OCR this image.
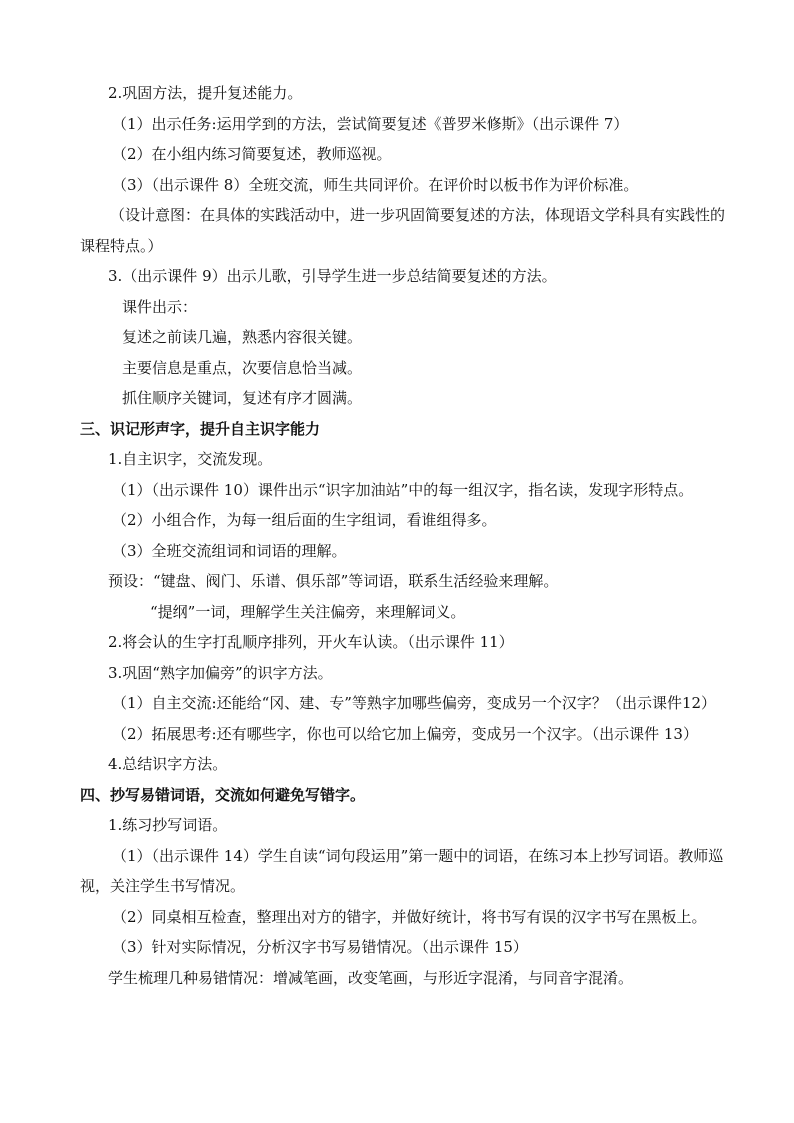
2.巩固方法，提升复述能力。

（1）出示任务:运用学到的方法，尝试简要复述《普罗米修斯》（出示课件 7）

（2）在小组内练习简要复述，教师巡视。

（3）（出示课件 8）全班交流，师生共同评价。在评价时以板书作为评价标准。

（设计意图：在具体的实践活动中，进一步巩固简要复述的方法，体现语文学科具有实践性的课程特点。）

3.（出示课件 9）出示儿歌，引导学生进一步总结简要复述的方法。

课件出示：

复述之前读几遍，熟悉内容很关键。

主要信息是重点，次要信息恰当减。

抓住顺序关键词，复述有序才圆满。

三、识记形声字，提升自主识字能力

1.自主识字，交流发现。

（1）（出示课件 10）课件出示“识字加油站”中的每一组汉字，指名读，发现字形特点。

（2）小组合作，为每一组后面的生字组词，看谁组得多。

（3）全班交流组词和词语的理解。

预设：“键盘、阀门、乐谱、俱乐部”等词语，联系生活经验来理解。

“提纲”一词，理解学生关注偏旁，来理解词义。

2.将会认的生字打乱顺序排列，开火车认读。（出示课件 11）

3.巩固“熟字加偏旁”的识字方法。

（1）自主交流:还能给“冈、建、专”等熟字加哪些偏旁，变成另一个汉字？（出示课件12）

（2）拓展思考:还有哪些字，你也可以给它加上偏旁，变成另一个汉字。（出示课件 13）

4.总结识字方法。

四、抄写易错词语，交流如何避免写错字。

1.练习抄写词语。

（1）（出示课件 14）学生自读“词句段运用”第一题中的词语，在练习本上抄写词语。教师巡视，关注学生书写情况。

（2）同桌相互检查，整理出对方的错字，并做好统计，将书写有误的汉字书写在黑板上。

（3）针对实际情况，分析汉字书写易错情况。（出示课件 15）

学生梳理几种易错情况：增减笔画，改变笔画，与形近字混淆，与同音字混淆。
